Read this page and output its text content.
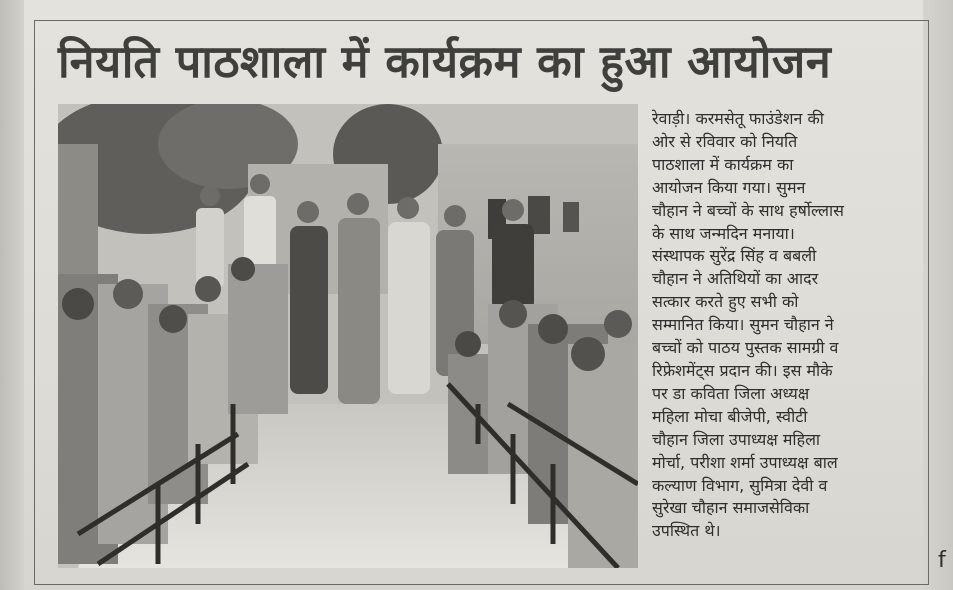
नियति पाठशाला में कार्यक्रम का हुआ आयोजन

रेवाड़ी। करमसेतू फाउंडेशन की
ओर से रविवार को नियति
पाठशाला में कार्यक्रम का
आयोजन किया गया। सुमन
चौहान ने बच्चों के साथ हर्षोल्लास
के साथ जन्मदिन मनाया।
संस्थापक सुरेंद्र सिंह व बबली
चौहान ने अतिथियों का आदर
सत्कार करते हुए सभी को
सम्मानित किया। सुमन चौहान ने
बच्चों को पाठय पुस्तक सामग्री व
रिफ्रेशमेंट्स प्रदान की। इस मौके
पर डा कविता जिला अध्यक्ष
महिला मोचा बीजेपी, स्वीटी
चौहान जिला उपाध्यक्ष महिला
मोर्चा, परीशा शर्मा उपाध्यक्ष बाल
कल्याण विभाग, सुमित्रा देवी व
सुरेखा चौहान समाजसेविका
उपस्थित थे।

f
